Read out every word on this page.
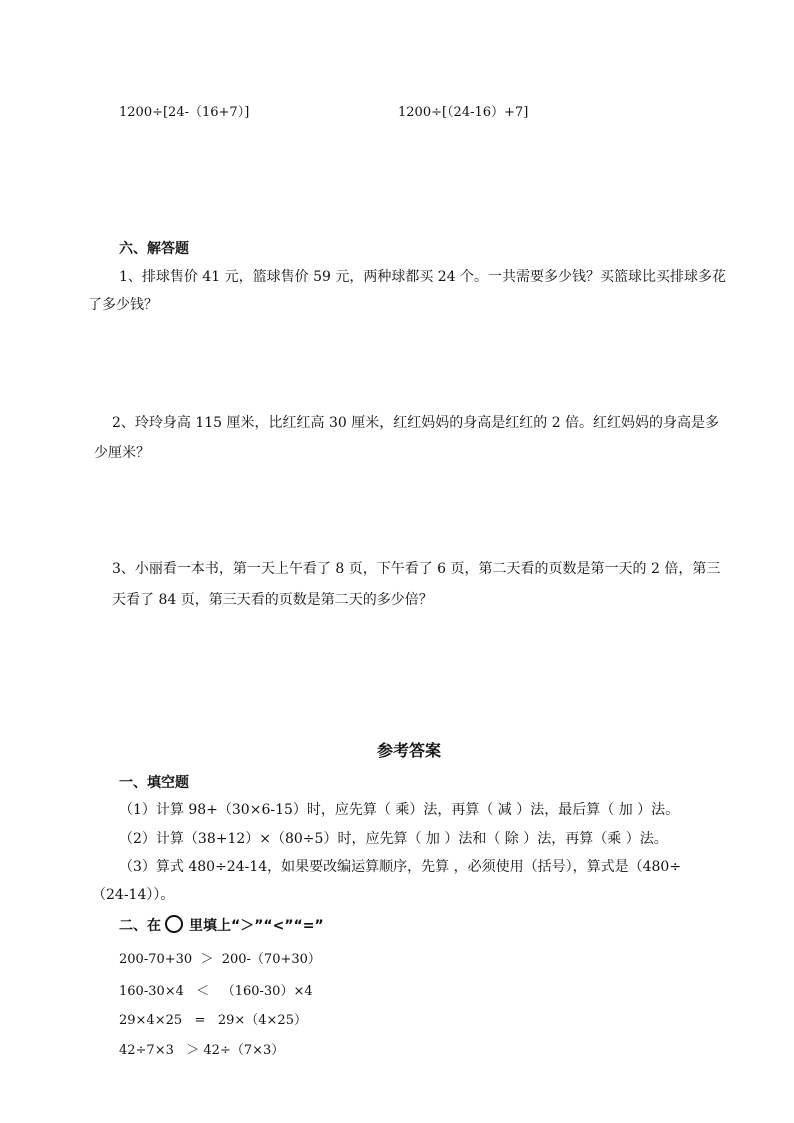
1200÷[24-（16+7）]	1200÷[（24-16）+7]
六、解答题
1、排球售价 41 元，篮球售价 59 元，两种球都买 24 个。一共需要多少钱？买篮球比买排球多花
了多少钱？
2、玲玲身高 115 厘米，比红红高 30 厘米，红红妈妈的身高是红红的 2 倍。红红妈妈的身高是多
少厘米？
3、小丽看一本书，第一天上午看了 8 页，下午看了 6 页，第二天看的页数是第一天的 2 倍，第三
天看了 84 页，第三天看的页数是第二天的多少倍？
参考答案
一、填空题
（1）计算 98+（30×6-15）时，应先算（ 乘）法，再算（ 减 ）法，最后算（ 加 ）法。
（2）计算（38+12）×（80÷5）时，应先算（ 加 ）法和（ 除 ）法，再算（乘 ）法。
（3）算式 480÷24-14，如果要改编运算顺序，先算 ，必须使用（括号），算式是（480÷
（24-14））。
二、在 里填上“＞”“<”“=”
200-70+30  ＞  200-（70+30）
160-30×4   ＜   （160-30）×4
29×4×25   =   29×（4×25）
42÷7×3   ＞ 42÷（7×3）
